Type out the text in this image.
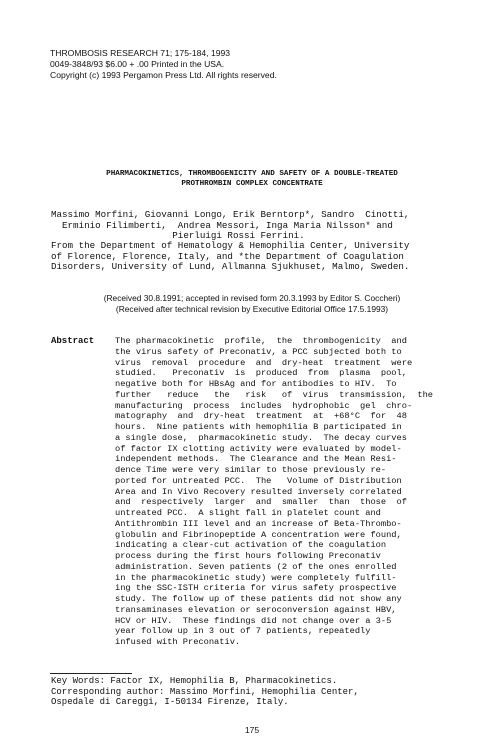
THROMBOSIS RESEARCH 71; 175-184, 1993
0049-3848/93 $6.00 + .00 Printed in the USA.
Copyright (c) 1993 Pergamon Press Ltd. All rights reserved.
PHARMACOKINETICS, THROMBOGENICITY AND SAFETY OF A DOUBLE-TREATED
PROTHROMBIN COMPLEX CONCENTRATE
Massimo Morfini, Giovanni Longo, Erik Berntorp*, Sandro  Cinotti,
Erminio Filimberti,  Andrea Messori, Inga Maria Nilsson* and
Pierluigi Rossi Ferrini.
From the Department of Hematology & Hemophilia Center, University
of Florence, Florence, Italy, and *the Department of Coagulation
Disorders, University of Lund, Allmanna Sjukhuset, Malmo, Sweden.
(Received 30.8.1991; accepted in revised form 20.3.1993 by Editor S. Coccheri)
(Received after technical revision by Executive Editorial Office 17.5.1993)
Abstract The pharmacokinetic  profile,  the  thrombogenicity  and
the virus safety of Preconativ, a PCC subjected both to
virus  removal  procedure  and  dry-heat  treatment  were
studied.   Preconativ  is  produced  from  plasma  pool,
negative both for HBsAg and for antibodies to HIV.  To
further   reduce   the   risk   of  virus  transmission,  the
manufacturing  process  includes  hydrophobic  gel  chro-
matography  and  dry-heat  treatment  at  +68°C  for  48
hours.  Nine patients with hemophilia B participated in
a single dose,  pharmacokinetic study.  The decay curves
of factor IX clotting activity were evaluated by model-
independent methods.  The Clearance and the Mean Resi-
dence Time were very similar to those previously re-
ported for untreated PCC.  The   Volume of Distribution
Area and In Vivo Recovery resulted inversely correlated
and  respectively  larger  and  smaller  than  those  of
untreated PCC.  A slight fall in platelet count and
Antithrombin III level and an increase of Beta-Thrombo-
globulin and Fibrinopeptide A concentration were found,
indicating a clear-cut activation of the coagulation
process during the first hours following Preconativ
administration. Seven patients (2 of the ones enrolled
in the pharmacokinetic study) were completely fulfill-
ing the SSC-ISTH criteria for virus safety prospective
study. The follow up of these patients did not show any
transaminases elevation or seroconversion against HBV,
HCV or HIV.  These findings did not change over a 3-5
year follow up in 3 out of 7 patients, repeatedly
infused with Preconativ.
Key Words: Factor IX, Hemophilia B, Pharmacokinetics.
Corresponding author: Massimo Morfini, Hemophilia Center,
Ospedale di Careggi, I-50134 Firenze, Italy.
175
